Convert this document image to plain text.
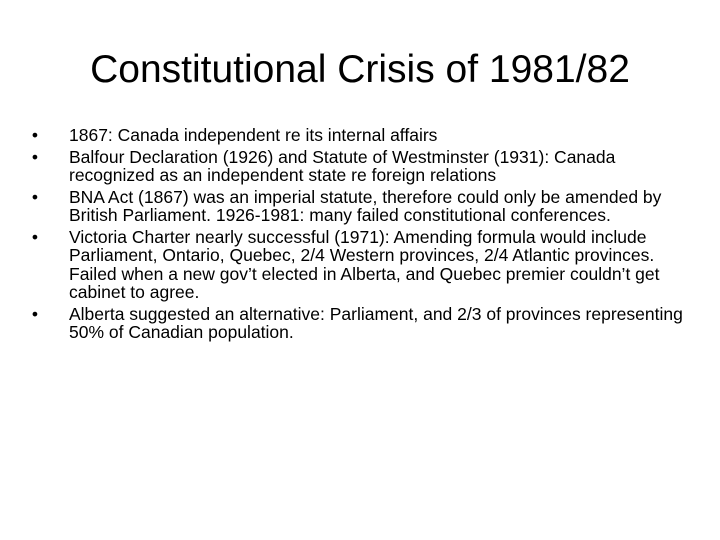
Constitutional Crisis of 1981/82
• 1867: Canada independent re its internal affairs
• Balfour Declaration (1926) and Statute of Westminster (1931): Canada recognized as an independent state re foreign relations
• BNA Act (1867) was an imperial statute, therefore could only be amended by British Parliament. 1926-1981: many failed constitutional conferences.
• Victoria Charter nearly successful (1971): Amending formula would include Parliament, Ontario, Quebec, 2/4 Western provinces, 2/4 Atlantic provinces. Failed when a new gov’t elected in Alberta, and Quebec premier couldn’t get cabinet to agree.
• Alberta suggested an alternative: Parliament, and 2/3 of provinces representing 50% of Canadian population.
